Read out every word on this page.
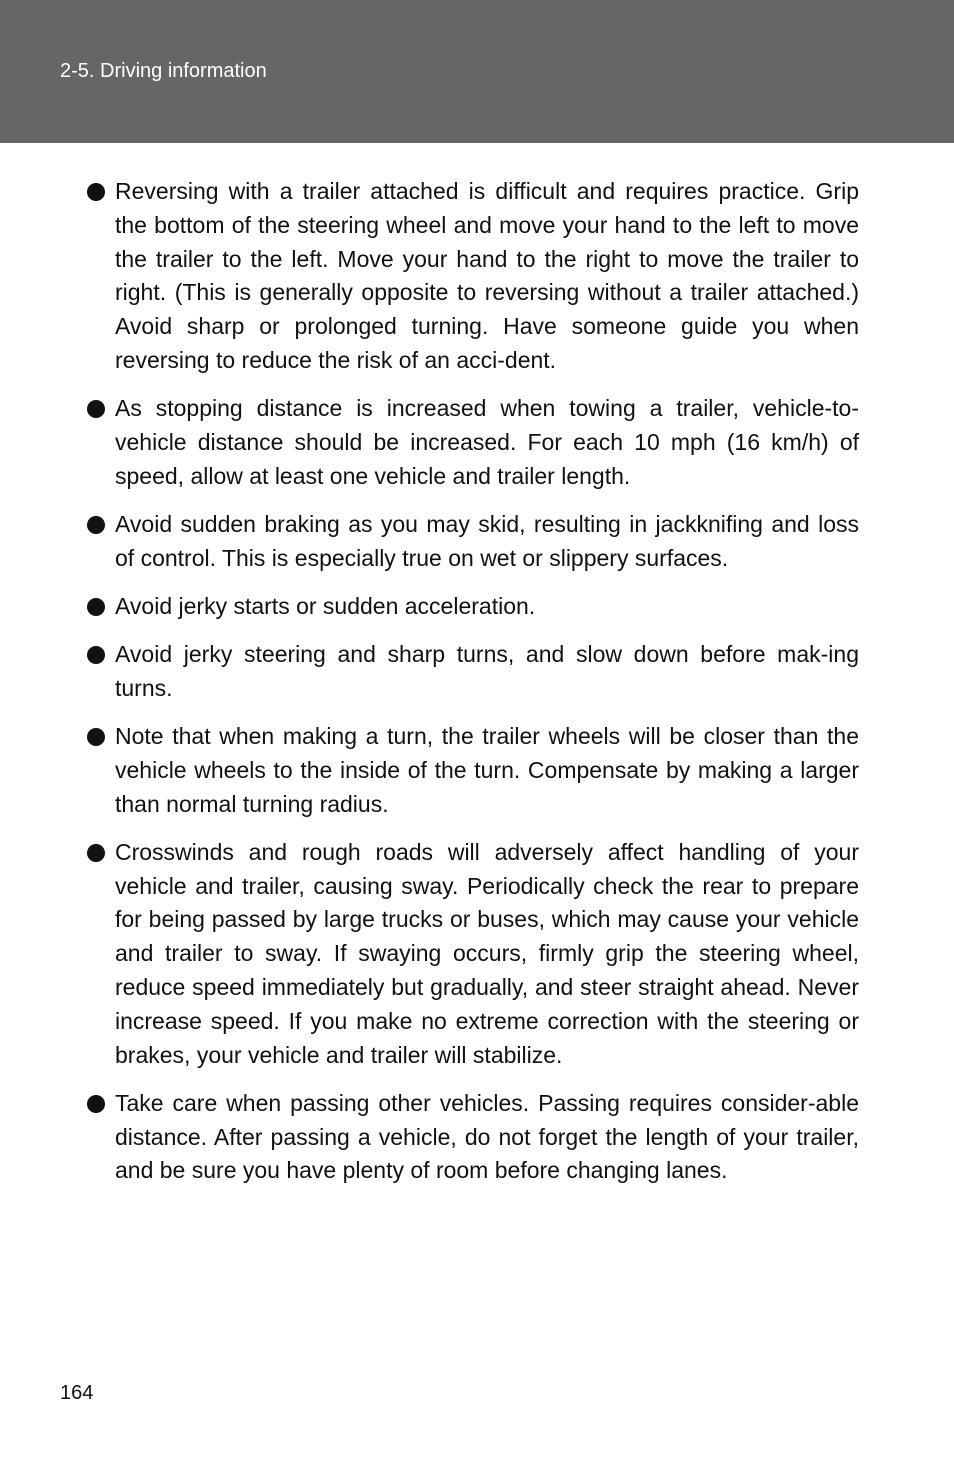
2-5. Driving information
Reversing with a trailer attached is difficult and requires practice. Grip the bottom of the steering wheel and move your hand to the left to move the trailer to the left. Move your hand to the right to move the trailer to right. (This is generally opposite to reversing without a trailer attached.) Avoid sharp or prolonged turning. Have someone guide you when reversing to reduce the risk of an acci-dent.
As stopping distance is increased when towing a trailer, vehicle-to-vehicle distance should be increased. For each 10 mph (16 km/h) of speed, allow at least one vehicle and trailer length.
Avoid sudden braking as you may skid, resulting in jackknifing and loss of control. This is especially true on wet or slippery surfaces.
Avoid jerky starts or sudden acceleration.
Avoid jerky steering and sharp turns, and slow down before mak-ing turns.
Note that when making a turn, the trailer wheels will be closer than the vehicle wheels to the inside of the turn. Compensate by making a larger than normal turning radius.
Crosswinds and rough roads will adversely affect handling of your vehicle and trailer, causing sway. Periodically check the rear to prepare for being passed by large trucks or buses, which may cause your vehicle and trailer to sway. If swaying occurs, firmly grip the steering wheel, reduce speed immediately but gradually, and steer straight ahead. Never increase speed. If you make no extreme correction with the steering or brakes, your vehicle and trailer will stabilize.
Take care when passing other vehicles. Passing requires consider-able distance. After passing a vehicle, do not forget the length of your trailer, and be sure you have plenty of room before changing lanes.
164
